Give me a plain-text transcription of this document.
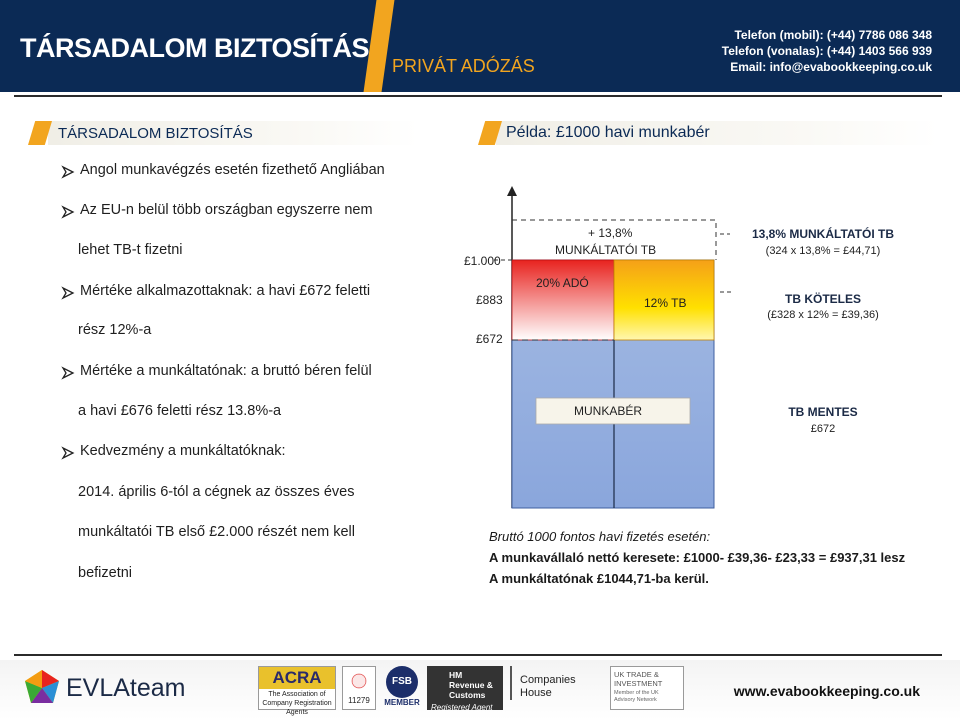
TÁRSADALOM BIZTOSÍTÁS
PRIVÁT ADÓZÁS
Telefon (mobil): (+44) 7786 086 348
Telefon (vonalas): (+44) 1403 566 939
Email: info@evabookkeeping.co.uk
TÁRSADALOM BIZTOSÍTÁS	Példa: £1000 havi munkabér
Angol munkavégzés esetén fizethető Angliában
Az EU-n belül több országban egyszerre nem
lehet TB-t fizetni
Mértéke alkalmazottaknak: a havi £672 feletti
rész 12%-a
Mértéke a munkáltatónak: a bruttó béren felül
a havi £676 feletti rész 13.8%-a
Kedvezmény a munkáltatóknak:
2014. április 6-tól a cégnek az összes éves
munkáltatói TB első £2.000 részét nem kell
befizetni
£1.000
£883
£672
+ 13,8%
MUNKÁLTATÓI TB
20% ADÓ
12% TB
MUNKABÉR
13,8% MUNKÁLTATÓI TB
(324 x 13,8% = £44,71)
TB KÖTELES
(£328 x 12% = £39,36)
TB MENTES
£672
Bruttó 1000 fontos havi fizetés esetén:
A munkavállaló nettó keresete: £1000- £39,36- £23,33 = £937,31 lesz
A munkáltatónak £1044,71-ba kerül.
EVLAteam	ACRA
The Association of Company Registration Agents
11279
FSB
MEMBER
HM Revenue & Customs
Registered Agent
Companies House
UK TRADE & INVESTMENT
Member of the UK Advisory Network
www.evabookkeeping.co.uk
